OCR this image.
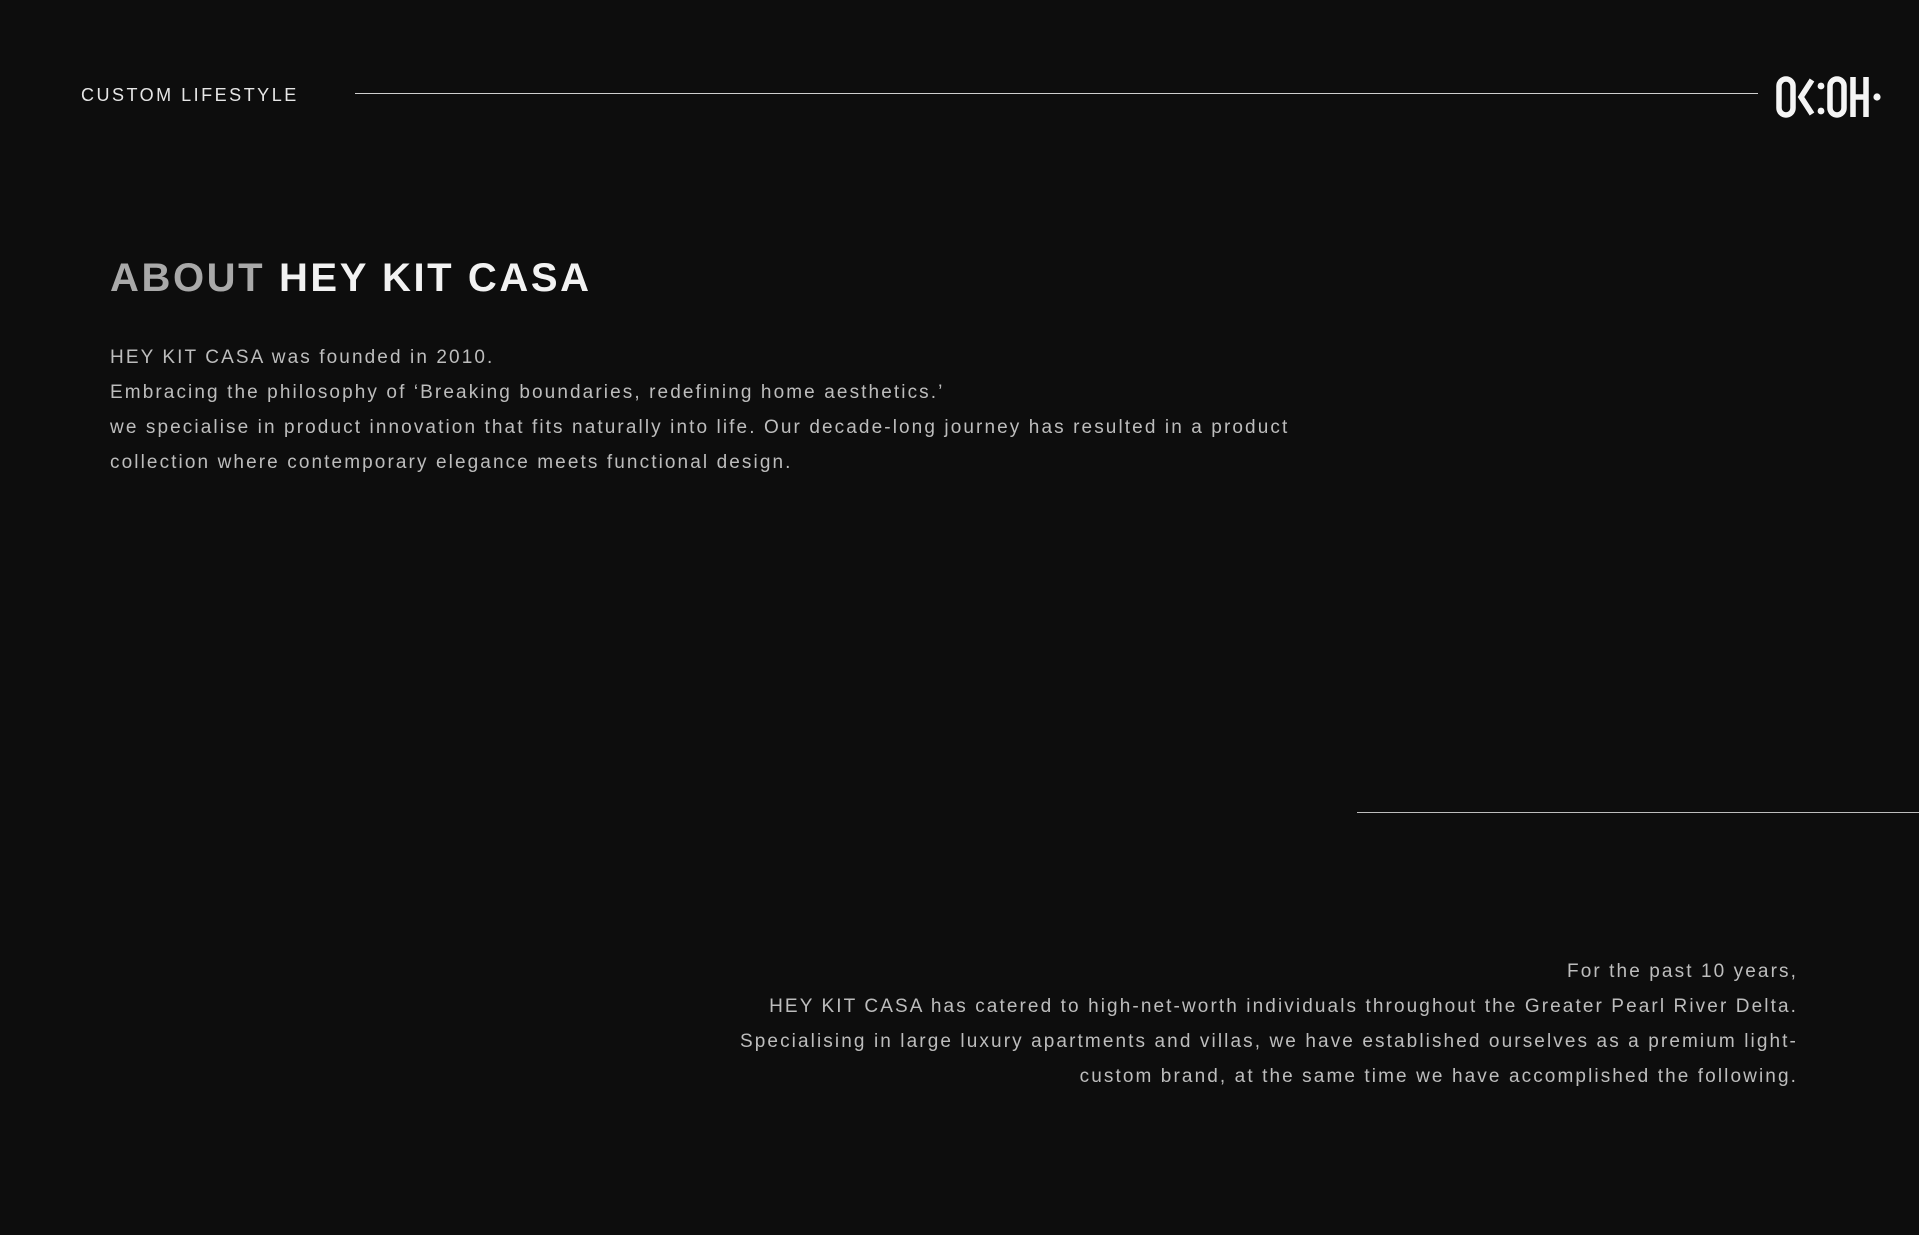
CUSTOM LIFESTYLE
ABOUT HEY KIT CASA

HEY KIT CASA was founded in 2010.

Embracing the philosophy of ‘Breaking boundaries, redefining home aesthetics.’

we specialise in product innovation that fits naturally into life. Our decade-long journey has resulted in a product

collection where contemporary elegance meets functional design.

For the past 10 years,

HEY KIT CASA has catered to high-net-worth individuals throughout the Greater Pearl River Delta.

Specialising in large luxury apartments and villas, we have established ourselves as a premium light-

custom brand, at the same time we have accomplished the following.
